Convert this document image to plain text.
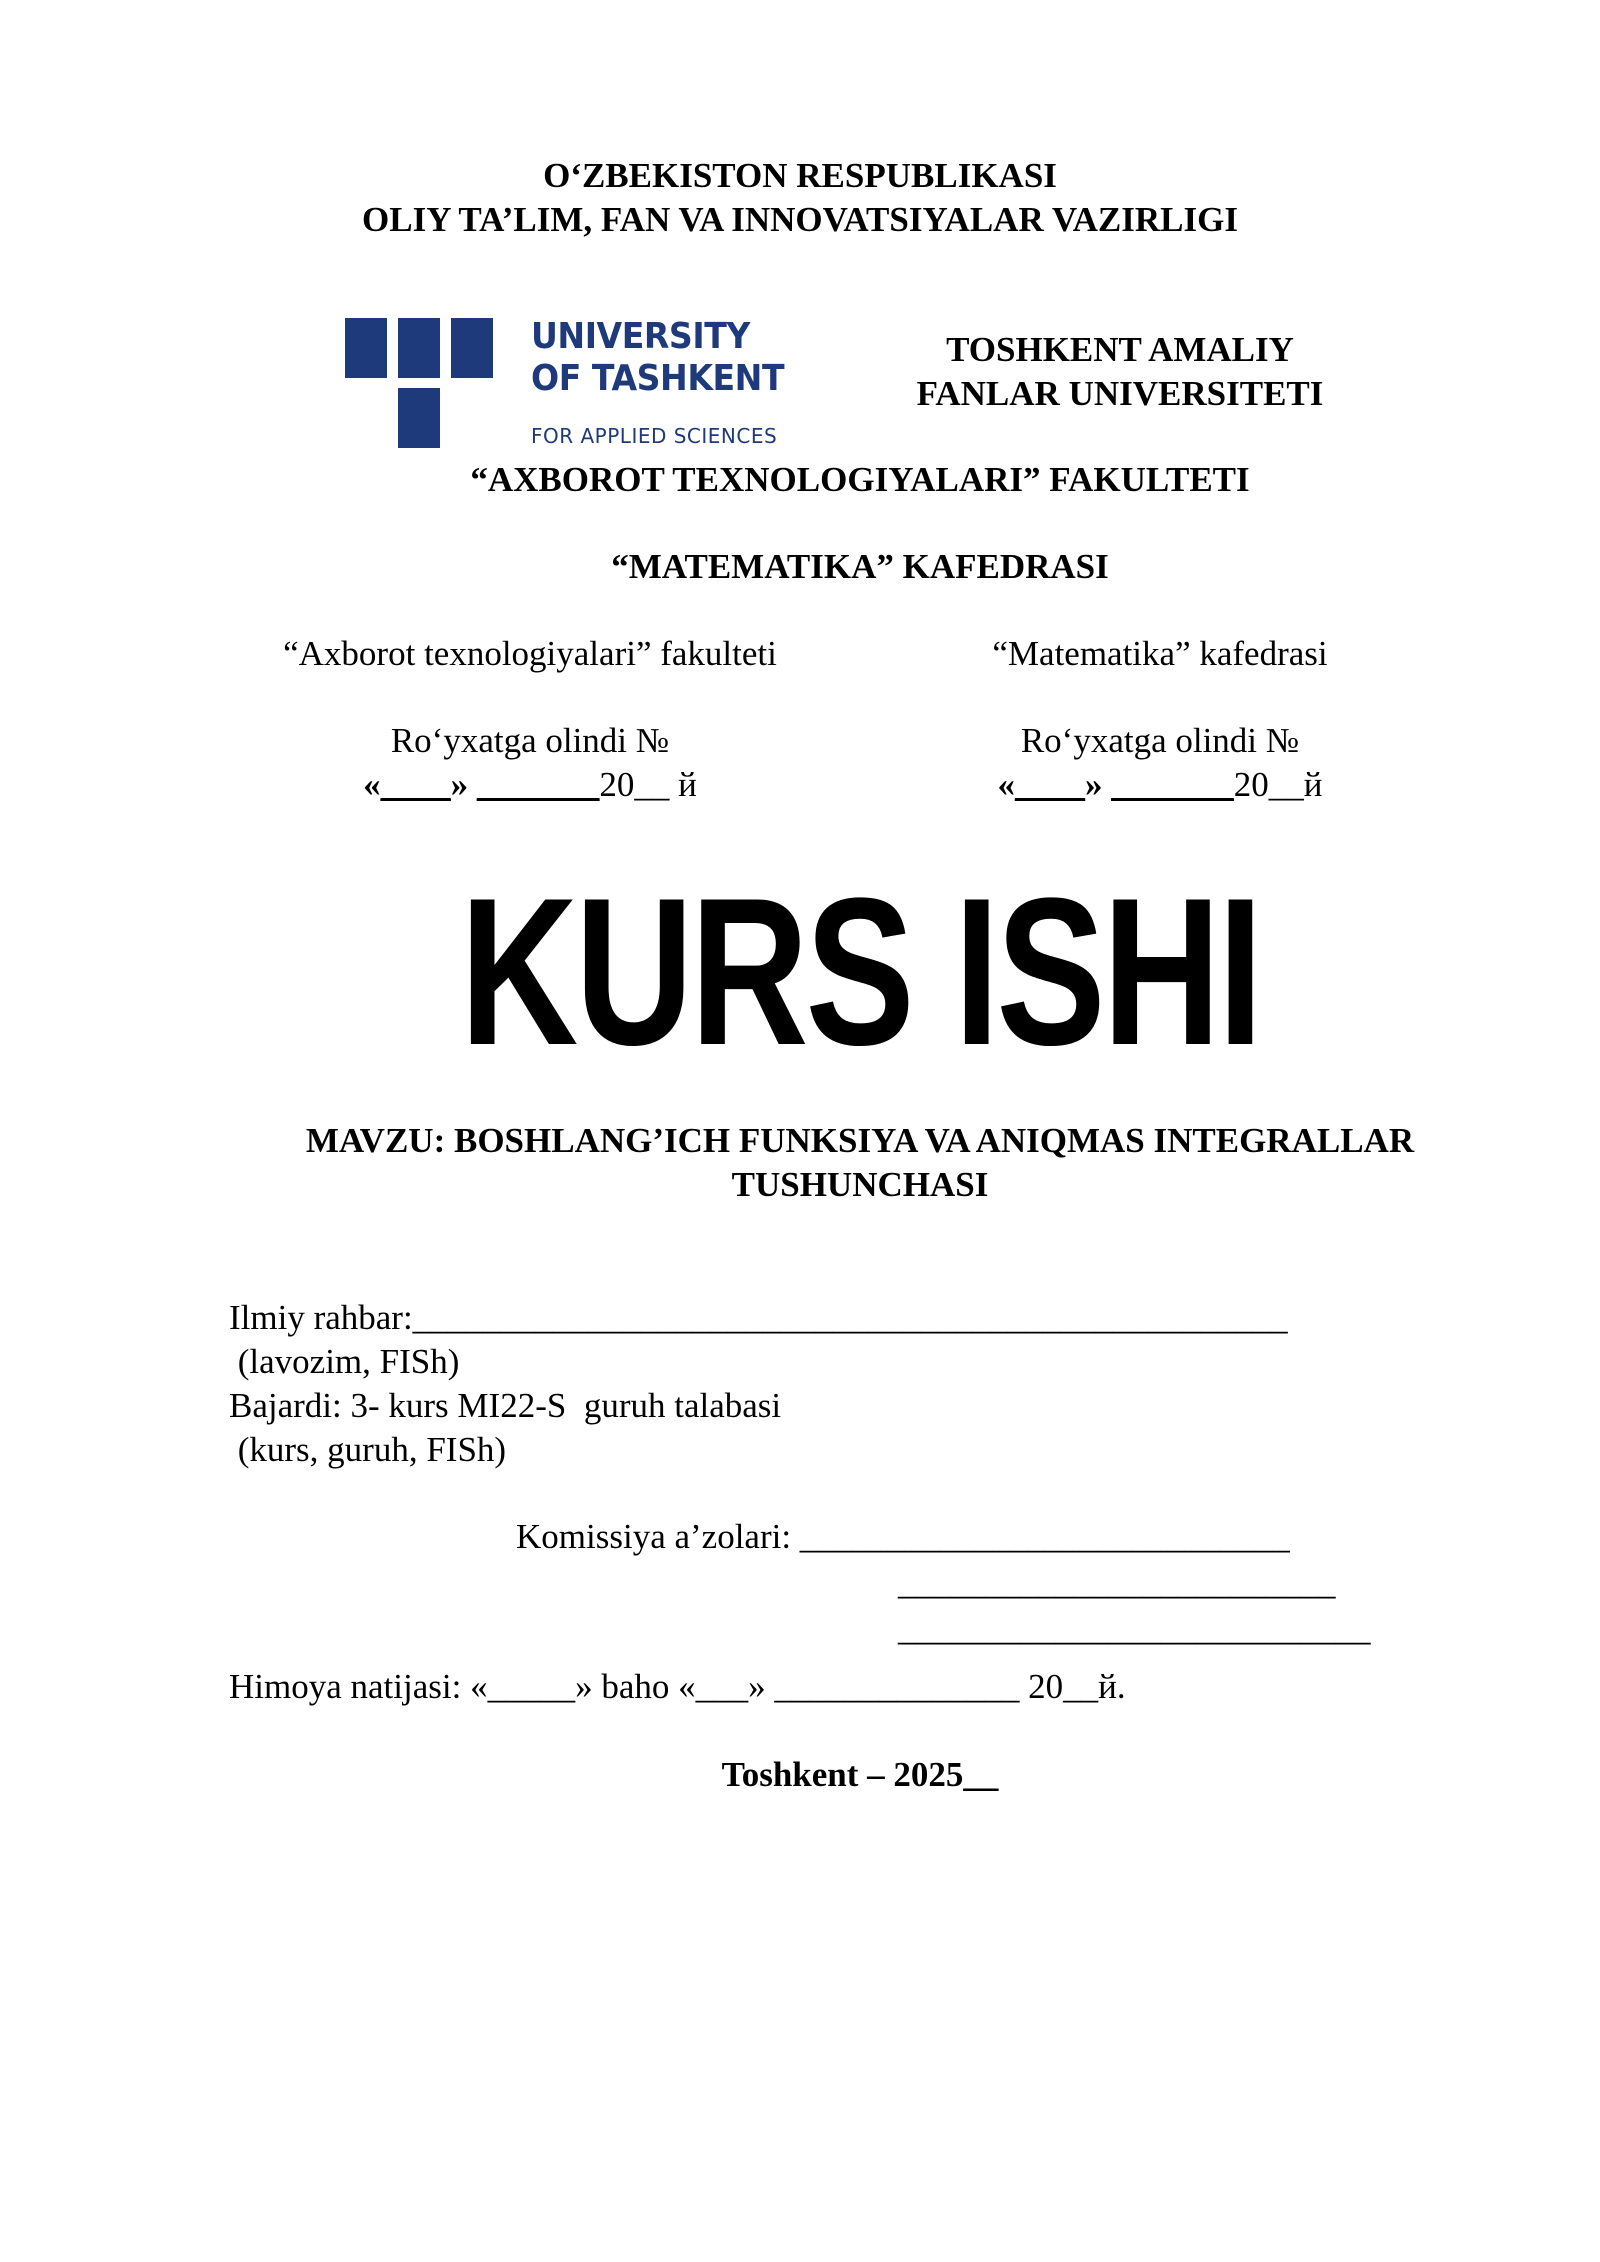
O‘ZBEKISTON RESPUBLIKASI
OLIY TA’LIM, FAN VA INNOVATSIYALAR VAZIRLIGI
UNIVERSITY
OF TASHKENT
FOR APPLIED SCIENCES
TOSHKENT AMALIY
FANLAR UNIVERSITETI
“AXBOROT TEXNOLOGIYALARI” FAKULTETI
“MATEMATIKA” KAFEDRASI
“Axborot texnologiyalari” fakulteti
Ro‘yxatga olindi №
«____» _______20__ й
“Matematika” kafedrasi
Ro‘yxatga olindi №
«____» _______20__й
KURS ISHI
MAVZU: BOSHLANG’ICH FUNKSIYA VA ANIQMAS INTEGRALLAR
TUSHUNCHASI
Ilmiy rahbar:__________________________________________________
(lavozim, FISh)
Bajardi: 3- kurs MI22-S  guruh talabasi
(kurs, guruh, FISh)
Komissiya a’zolari: ____________________________
_________________________
___________________________
Himoya natijasi: «_____» baho «___» ______________ 20__й.
Toshkent – 2025__
